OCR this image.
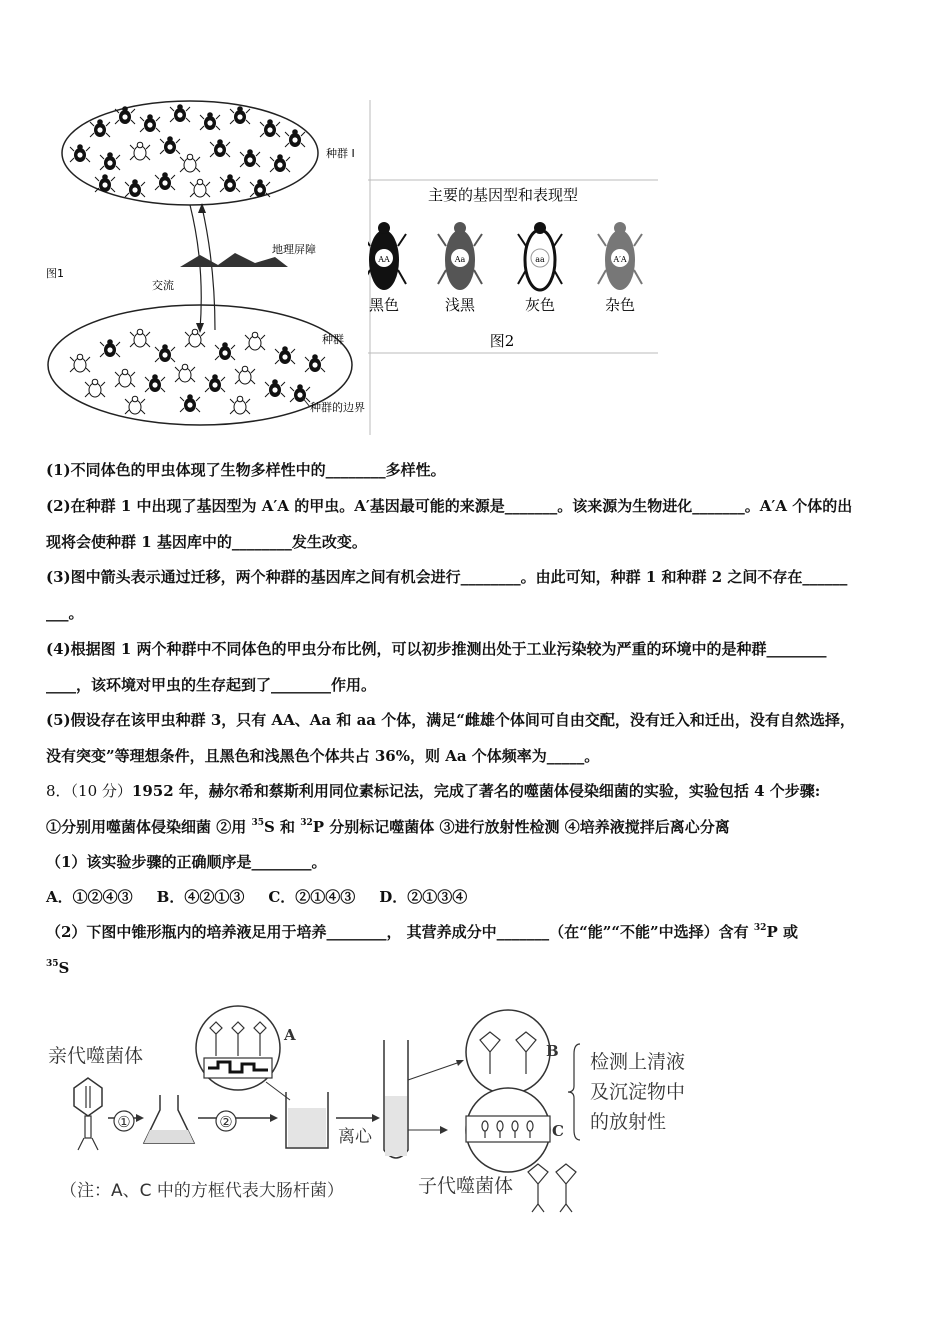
种群 I
地理屏障
图1
交流
种群
种群的边界
主要的基因型和表现型
AA	Aa	aa	A′A
黑色	浅黑	灰色	杂色
图2
(1)不同体色的甲虫体现了生物多样性中的________多样性。
(2)在种群 1 中出现了基因型为 A′A 的甲虫。A′基因最可能的来源是_______。该来源为生物进化_______。A′A 个体的出
现将会使种群 1 基因库中的________发生改变。
(3)图中箭头表示通过迁移，两个种群的基因库之间有机会进行________。由此可知，种群 1 和种群 2 之间不存在______
___。
(4)根据图 1 两个种群中不同体色的甲虫分布比例，可以初步推测出处于工业污染较为严重的环境中的是种群________
____，该环境对甲虫的生存起到了________作用。
(5)假设存在该甲虫种群 3，只有 AA、Aa 和 aa 个体，满足“雌雄个体间可自由交配，没有迁入和迁出，没有自然选择，
没有突变”等理想条件，且黑色和浅黑色个体共占 36%，则 Aa 个体频率为_____。
8．（10 分）1952 年，赫尔希和蔡斯利用同位素标记法，完成了著名的噬菌体侵染细菌的实验，实验包括 4 个步骤:
①分别用噬菌体侵染细菌 ②用 $^{35}$S 和 $^{32}$P 分别标记噬菌体 ③进行放射性检测 ④培养液搅拌后离心分离
（1）该实验步骤的正确顺序是________。
A．①②④③ B．④②①③ C．②①④③ D．②①③④
（2）下图中锥形瓶内的培养液足用于培养________， 其营养成分中_______（在“能”“不能”中选择）含有 $^{32}$P 或
$^{35}$S
亲代噬菌体
①	②
A
离心
B
C
检测上清液
及沉淀物中
的放射性
（注：A、C 中的方框代表大肠杆菌）	子代噬菌体
